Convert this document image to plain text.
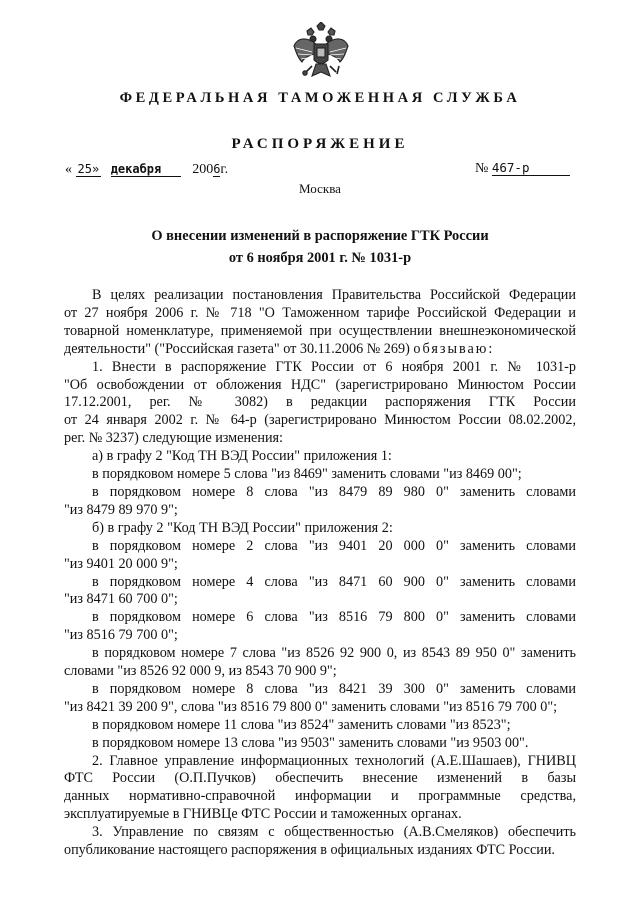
ФЕДЕРАЛЬНАЯ ТАМОЖЕННАЯ СЛУЖБА
РАСПОРЯЖЕНИЕ
« 25» декабря 2006г.	№ 467-р
Москва
О внесении изменений в распоряжение ГТК России
от 6 ноября 2001 г. № 1031-р

В целях реализации постановления Правительства Российской Федерации

от 27 ноября 2006 г. № 718 "О Таможенном тарифе Российской Федерации и

товарной номенклатуре, применяемой при осуществлении внешнеэкономической

деятельности" ("Российская газета" от 30.11.2006 № 269) обязываю:

1. Внести в распоряжение ГТК России от 6 ноября 2001 г. № 1031-р

"Об освобождении от обложения НДС" (зарегистрировано Минюстом России

17.12.2001, рег. № 3082) в редакции распоряжения ГТК России

от 24 января 2002 г. № 64-р (зарегистрировано Минюстом России 08.02.2002,

рег. № 3237) следующие изменения:

а) в графу 2 "Код ТН ВЭД России" приложения 1:

в порядковом номере 5 слова "из 8469" заменить словами "из 8469 00";

в порядковом номере 8 слова "из 8479 89 980 0" заменить словами

"из 8479 89 970 9";

б) в графу 2 "Код ТН ВЭД России" приложения 2:

в порядковом номере 2 слова "из 9401 20 000 0" заменить словами

"из 9401 20 000 9";

в порядковом номере 4 слова "из 8471 60 900 0" заменить словами

"из 8471 60 700 0";

в порядковом номере 6 слова "из 8516 79 800 0" заменить словами

"из 8516 79 700 0";

в порядковом номере 7 слова "из 8526 92 900 0, из 8543 89 950 0" заменить

словами "из 8526 92 000 9, из 8543 70 900 9";

в порядковом номере 8 слова "из 8421 39 300 0" заменить словами

"из 8421 39 200 9", слова "из 8516 79 800 0" заменить словами "из 8516 79 700 0";

в порядковом номере 11 слова "из 8524" заменить словами "из 8523";

в порядковом номере 13 слова "из 9503" заменить словами "из 9503 00".

2. Главное управление информационных технологий (А.Е.Шашаев), ГНИВЦ

ФТС России (О.П.Пучков) обеспечить внесение изменений в базы

данных нормативно-справочной информации и программные средства,

эксплуатируемые в ГНИВЦе ФТС России и таможенных органах.

3. Управление по связям с общественностью (А.В.Смеляков) обеспечить

опубликование настоящего распоряжения в официальных изданиях ФТС России.
